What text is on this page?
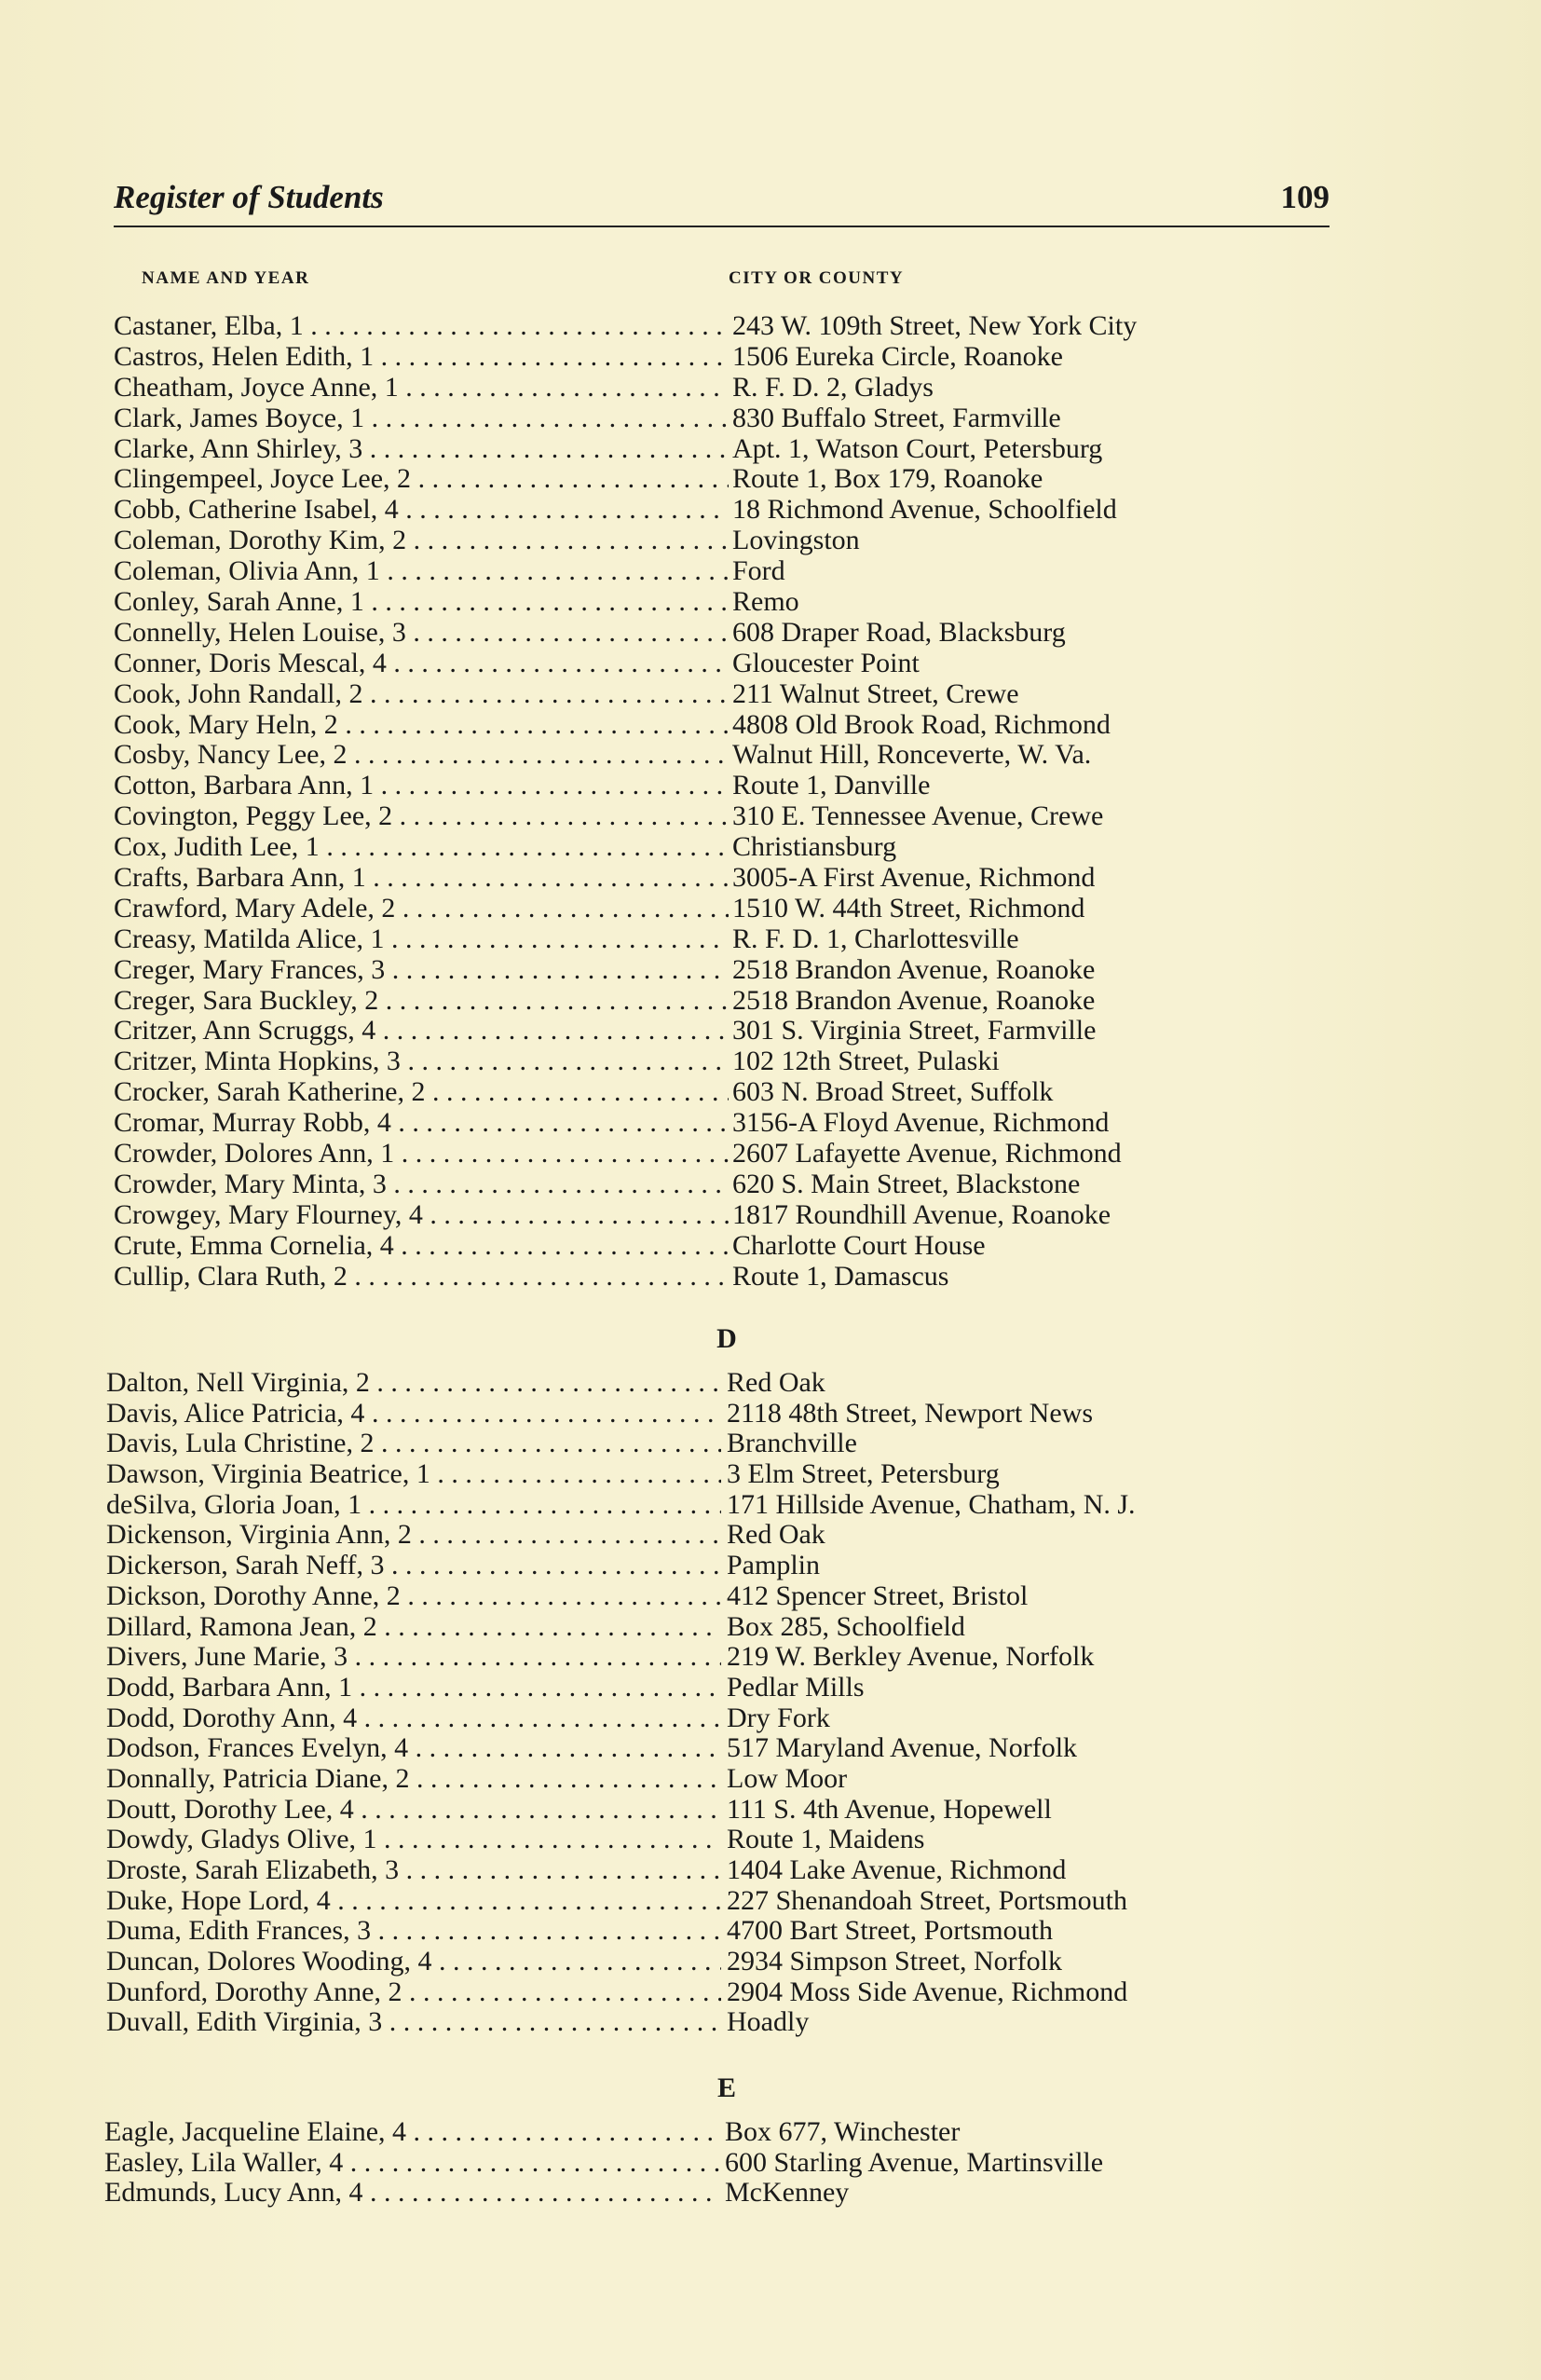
Register of Students	109
NAME AND YEAR	CITY OR COUNTY
Castaner, Elba, 1 . . .	243 W. 109th Street, New York City
Castros, Helen Edith, 1 . . .	1506 Eureka Circle, Roanoke
Cheatham, Joyce Anne, 1 . . .	R. F. D. 2, Gladys
Clark, James Boyce, 1 . . .	830 Buffalo Street, Farmville
Clarke, Ann Shirley, 3 . . .	Apt. 1, Watson Court, Petersburg
Clingempeel, Joyce Lee, 2 . . .	Route 1, Box 179, Roanoke
Cobb, Catherine Isabel, 4 . . .	18 Richmond Avenue, Schoolfield
Coleman, Dorothy Kim, 2 . . .	Lovingston
Coleman, Olivia Ann, 1 . . .	Ford
Conley, Sarah Anne, 1 . . .	Remo
Connelly, Helen Louise, 3 . . .	608 Draper Road, Blacksburg
Conner, Doris Mescal, 4 . . .	Gloucester Point
Cook, John Randall, 2 . . .	211 Walnut Street, Crewe
Cook, Mary Heln, 2 . . .	4808 Old Brook Road, Richmond
Cosby, Nancy Lee, 2 . . .	Walnut Hill, Ronceverte, W. Va.
Cotton, Barbara Ann, 1 . . .	Route 1, Danville
Covington, Peggy Lee, 2 . . .	310 E. Tennessee Avenue, Crewe
Cox, Judith Lee, 1 . . .	Christiansburg
Crafts, Barbara Ann, 1 . . .	3005-A First Avenue, Richmond
Crawford, Mary Adele, 2 . . .	1510 W. 44th Street, Richmond
Creasy, Matilda Alice, 1 . . .	R. F. D. 1, Charlottesville
Creger, Mary Frances, 3 . . .	2518 Brandon Avenue, Roanoke
Creger, Sara Buckley, 2 . . .	2518 Brandon Avenue, Roanoke
Critzer, Ann Scruggs, 4 . . .	301 S. Virginia Street, Farmville
Critzer, Minta Hopkins, 3 . . .	102 12th Street, Pulaski
Crocker, Sarah Katherine, 2 . . .	603 N. Broad Street, Suffolk
Cromar, Murray Robb, 4 . . .	3156-A Floyd Avenue, Richmond
Crowder, Dolores Ann, 1 . . .	2607 Lafayette Avenue, Richmond
Crowder, Mary Minta, 3 . . .	620 S. Main Street, Blackstone
Crowgey, Mary Flourney, 4 . . .	1817 Roundhill Avenue, Roanoke
Crute, Emma Cornelia, 4 . . .	Charlotte Court House
Cullip, Clara Ruth, 2 . . .	Route 1, Damascus
D
Dalton, Nell Virginia, 2 . . .	Red Oak
Davis, Alice Patricia, 4 . . .	2118 48th Street, Newport News
Davis, Lula Christine, 2 . . .	Branchville
Dawson, Virginia Beatrice, 1 . . .	3 Elm Street, Petersburg
deSilva, Gloria Joan, 1 . . .	171 Hillside Avenue, Chatham, N. J.
Dickenson, Virginia Ann, 2 . . .	Red Oak
Dickerson, Sarah Neff, 3 . . .	Pamplin
Dickson, Dorothy Anne, 2 . . .	412 Spencer Street, Bristol
Dillard, Ramona Jean, 2 . . .	Box 285, Schoolfield
Divers, June Marie, 3 . . .	219 W. Berkley Avenue, Norfolk
Dodd, Barbara Ann, 1 . . .	Pedlar Mills
Dodd, Dorothy Ann, 4 . . .	Dry Fork
Dodson, Frances Evelyn, 4 . . .	517 Maryland Avenue, Norfolk
Donnally, Patricia Diane, 2 . . .	Low Moor
Doutt, Dorothy Lee, 4 . . .	111 S. 4th Avenue, Hopewell
Dowdy, Gladys Olive, 1 . . .	Route 1, Maidens
Droste, Sarah Elizabeth, 3 . . .	1404 Lake Avenue, Richmond
Duke, Hope Lord, 4 . . .	227 Shenandoah Street, Portsmouth
Duma, Edith Frances, 3 . . .	4700 Bart Street, Portsmouth
Duncan, Dolores Wooding, 4 . . .	2934 Simpson Street, Norfolk
Dunford, Dorothy Anne, 2 . . .	2904 Moss Side Avenue, Richmond
Duvall, Edith Virginia, 3 . . .	Hoadly
E
Eagle, Jacqueline Elaine, 4 . . .	Box 677, Winchester
Easley, Lila Waller, 4 . . .	600 Starling Avenue, Martinsville
Edmunds, Lucy Ann, 4 . . .	McKenney
